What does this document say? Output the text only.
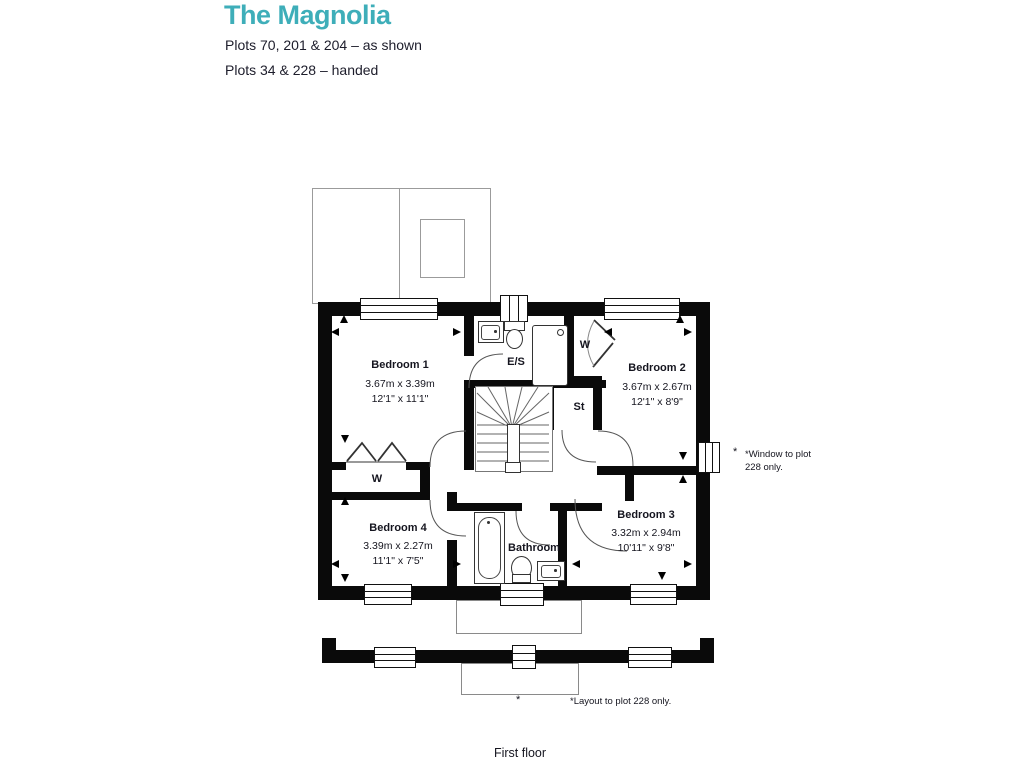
The Magnolia
Plots 70, 201 & 204 – as shown
Plots 34 & 228 – handed
Bedroom 1
3.67m x 3.39m
12'1" x 11'1"
Bedroom 2
3.67m x 2.67m
12'1" x 8'9"
Bedroom 3
3.32m x 2.94m
10'11" x 9'8"
Bedroom 4
3.39m x 2.27m
11'1" x 7'5"
Bathroom
E/S
W
W
St
* *Window to plot
228 only.
*	*Layout to plot 228 only.
First floor
